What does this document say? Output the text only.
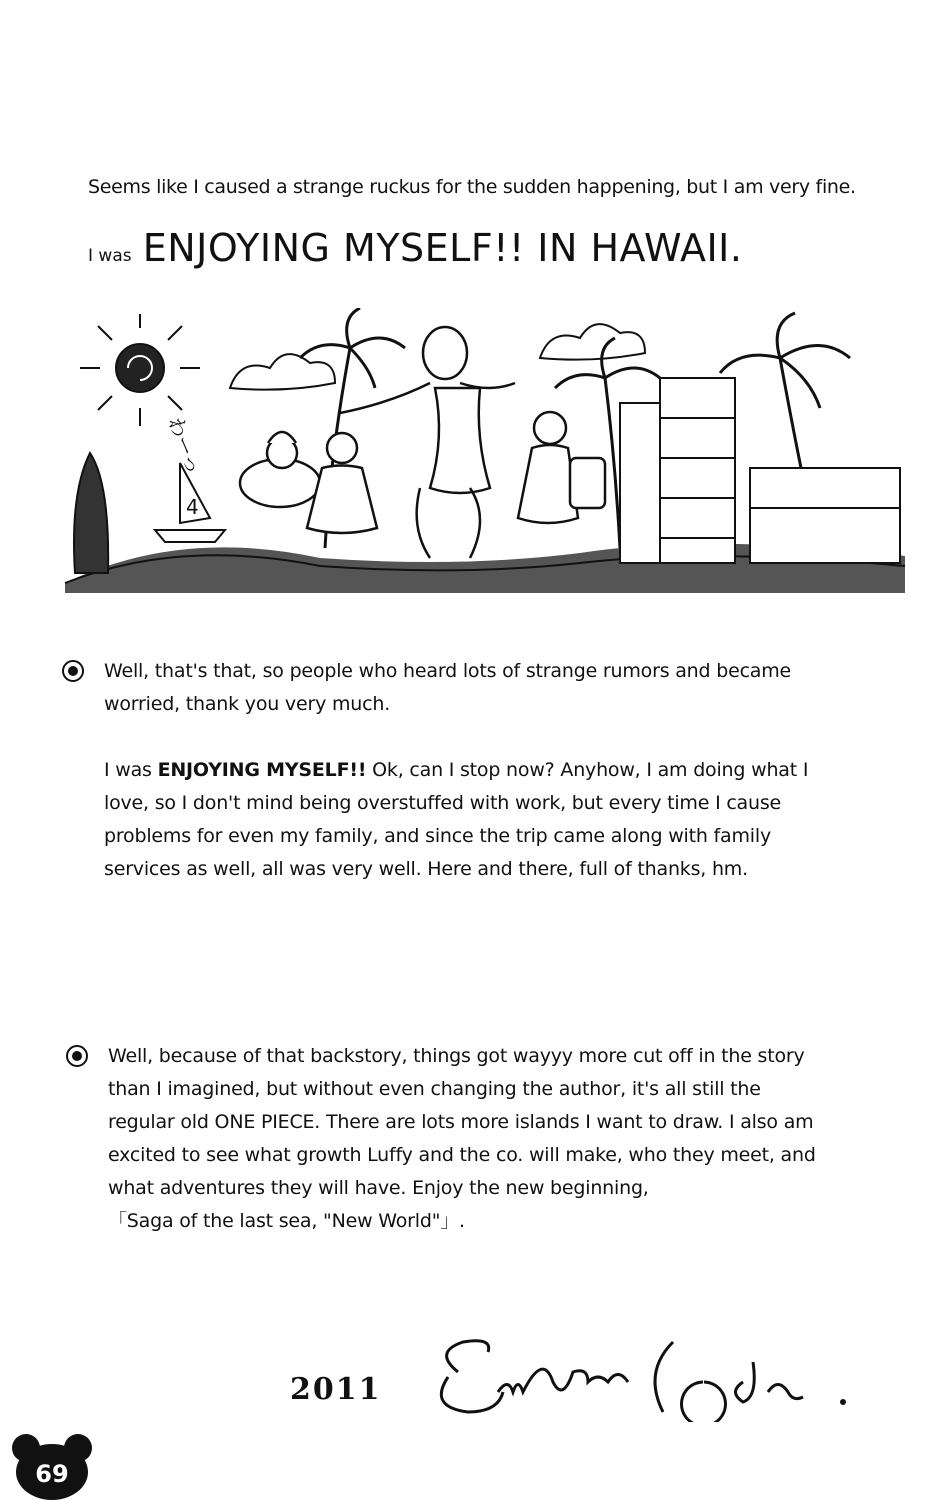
Seems like I caused a strange ruckus for the sudden happening, but I am very fine.
I was ENJOYING MYSELF!! IN HAWAII.
わーっ
4

Well, that's that, so people who heard lots of strange rumors and became worried, thank you very much.

I was ENJOYING MYSELF!! Ok, can I stop now? Anyhow, I am doing what I love, so I don't mind being overstuffed with work, but every time I cause problems for even my family, and since the trip came along with family services as well, all was very well. Here and there, full of thanks, hm.

Well, because of that backstory, things got wayyy more cut off in the story than I imagined, but without even changing the author, it's all still the regular old ONE PIECE. There are lots more islands I want to draw. I also am excited to see what growth Luffy and the co. will make, who they meet, and what adventures they will have. Enjoy the new beginning,

「Saga of the last sea, "New World"」.

2011
69
